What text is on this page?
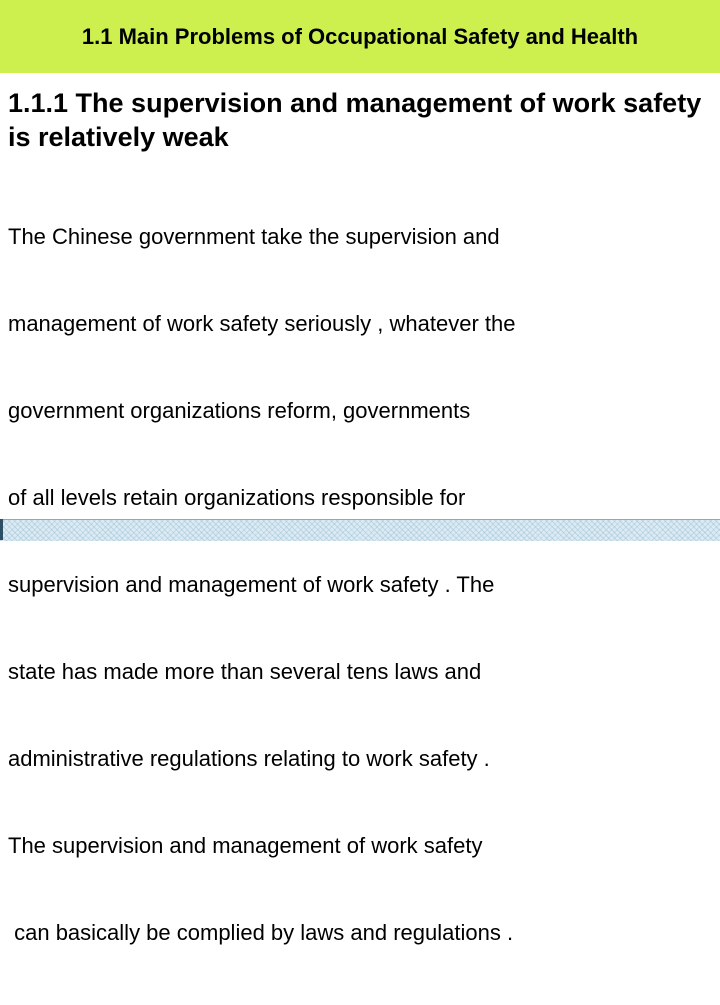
1.1 Main Problems of Occupational Safety and Health
1.1.1 The supervision and management of work safety is relatively weak

The Chinese government take the supervision and

management of work safety seriously , whatever the

government organizations reform, governments

of all levels retain organizations responsible for

supervision and management of work safety . The

state has made more than several tens laws and

administrative regulations relating to work safety .

The supervision and management of work safety

can basically be complied by laws and regulations .
